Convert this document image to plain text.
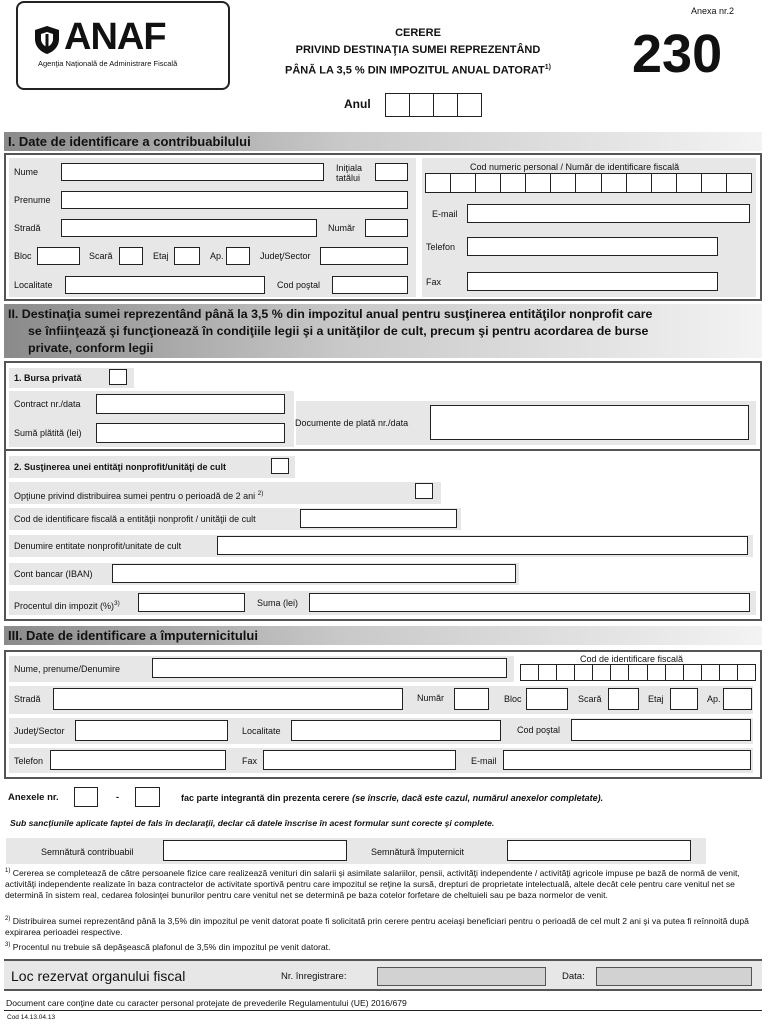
ANAF
Agenţia Naţională de Administrare Fiscală
Anexa nr.2
230
CERERE
PRIVIND DESTINAŢIA SUMEI REPREZENTÂND
PÂNĂ LA 3,5 % DIN IMPOZITUL ANUAL DATORAT$^{1)}$
Anul
I. Date de identificare a contribuabilului
Nume	Iniţiala
tatălui
Prenume
Stradă	Număr
Bloc	Scară	Etaj	Ap.	Judeţ/Sector
Localitate	Cod poştal
Cod numeric personal / Număr de identificare fiscală
E-mail
Telefon
Fax
II. Destinaţia sumei reprezentând până la 3,5 % din impozitul anual pentru susţinerea entităţilor nonprofit care
se înfiinţează şi funcţionează în condiţiile legii şi a unităţilor de cult, precum şi pentru acordarea de burse
private, conform legii
1. Bursa privată
Contract nr./data
Sumă plătită (lei)
Documente de plată nr./data
2. Susţinerea unei entităţi nonprofit/unităţi de cult
Opţiune privind distribuirea sumei pentru o perioadă de 2 ani $^{2)}$
Cod de identificare fiscală a entităţii nonprofit / unităţii de cult
Denumire entitate nonprofit/unitate de cult
Cont bancar (IBAN)
Procentul din impozit (%)$^{3)}$	Suma (lei)
III. Date de identificare a împuternicitului
Nume, prenume/Denumire
Cod de identificare fiscală
Stradă	Număr	Bloc	Scară	Etaj	Ap.
Judeţ/Sector	Localitate	Cod poştal
Telefon	Fax	E-mail
Anexele nr.	-	fac parte integrantă din prezenta cerere (se înscrie, dacă este cazul, numărul anexelor completate).
Sub sancţiunile aplicate faptei de fals în declaraţii, declar că datele înscrise în acest formular sunt corecte şi complete.
Semnătură contribuabil	Semnătură împuternicit
$^{1)}$ Cererea se completează de către persoanele fizice care realizează venituri din salarii şi asimilate salariilor, pensii, activităţi independente / activităţi agricole impuse pe bază de normă de venit, activităţi independente realizate în baza contractelor de activitate sportivă pentru care impozitul se reţine la sursă, drepturi de proprietate intelectuală, altele decât cele pentru care venitul net se determină în sistem real, cedarea folosinţei bunurilor pentru care venitul net se determină pe baza cotelor forfetare de cheltuieli sau pe baza normelor de venit.
$^{2)}$ Distribuirea sumei reprezentând până la 3,5% din impozitul pe venit datorat poate fi solicitată prin cerere pentru aceiaşi beneficiari pentru o perioadă de cel mult 2 ani şi va putea fi reînnoită după expirarea perioadei respective.
$^{3)}$ Procentul nu trebuie să depăşească plafonul de 3,5% din impozitul pe venit datorat.
Loc rezervat organului fiscal	Nr. înregistrare:	Data:
Document care conţine date cu caracter personal protejate de prevederile Regulamentului (UE) 2016/679
Cod 14.13.04.13
